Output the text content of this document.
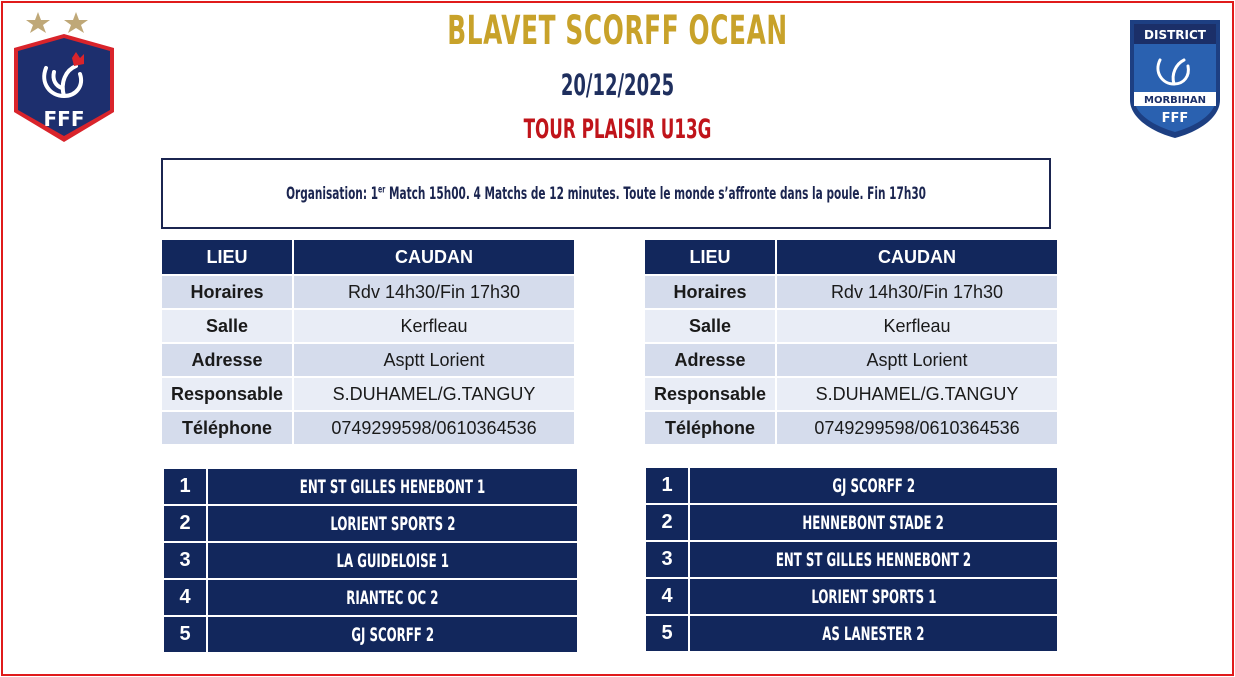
FFF
DISTRICT
MORBIHAN
FFF
BLAVET SCORFF OCEAN
20/12/2025
TOUR PLAISIR U13G
Organisation: 1er Match 15h00. 4 Matchs de 12 minutes. Toute le monde s’affronte dans la poule. Fin 17h30
LIEU	CAUDAN
Horaires	Rdv 14h30/Fin 17h30
Salle	Kerfleau
Adresse	Asptt Lorient
Responsable	S.DUHAMEL/G.TANGUY
Téléphone	0749299598/0610364536
LIEU	CAUDAN
Horaires	Rdv 14h30/Fin 17h30
Salle	Kerfleau
Adresse	Asptt Lorient
Responsable	S.DUHAMEL/G.TANGUY
Téléphone	0749299598/0610364536
1	ENT ST GILLES HENEBONT 1
2	LORIENT SPORTS 2
3	LA GUIDELOISE 1
4	RIANTEC OC 2
5	GJ SCORFF 2
1	GJ SCORFF 2
2	HENNEBONT STADE 2
3	ENT ST GILLES HENNEBONT 2
4	LORIENT SPORTS 1
5	AS LANESTER 2
